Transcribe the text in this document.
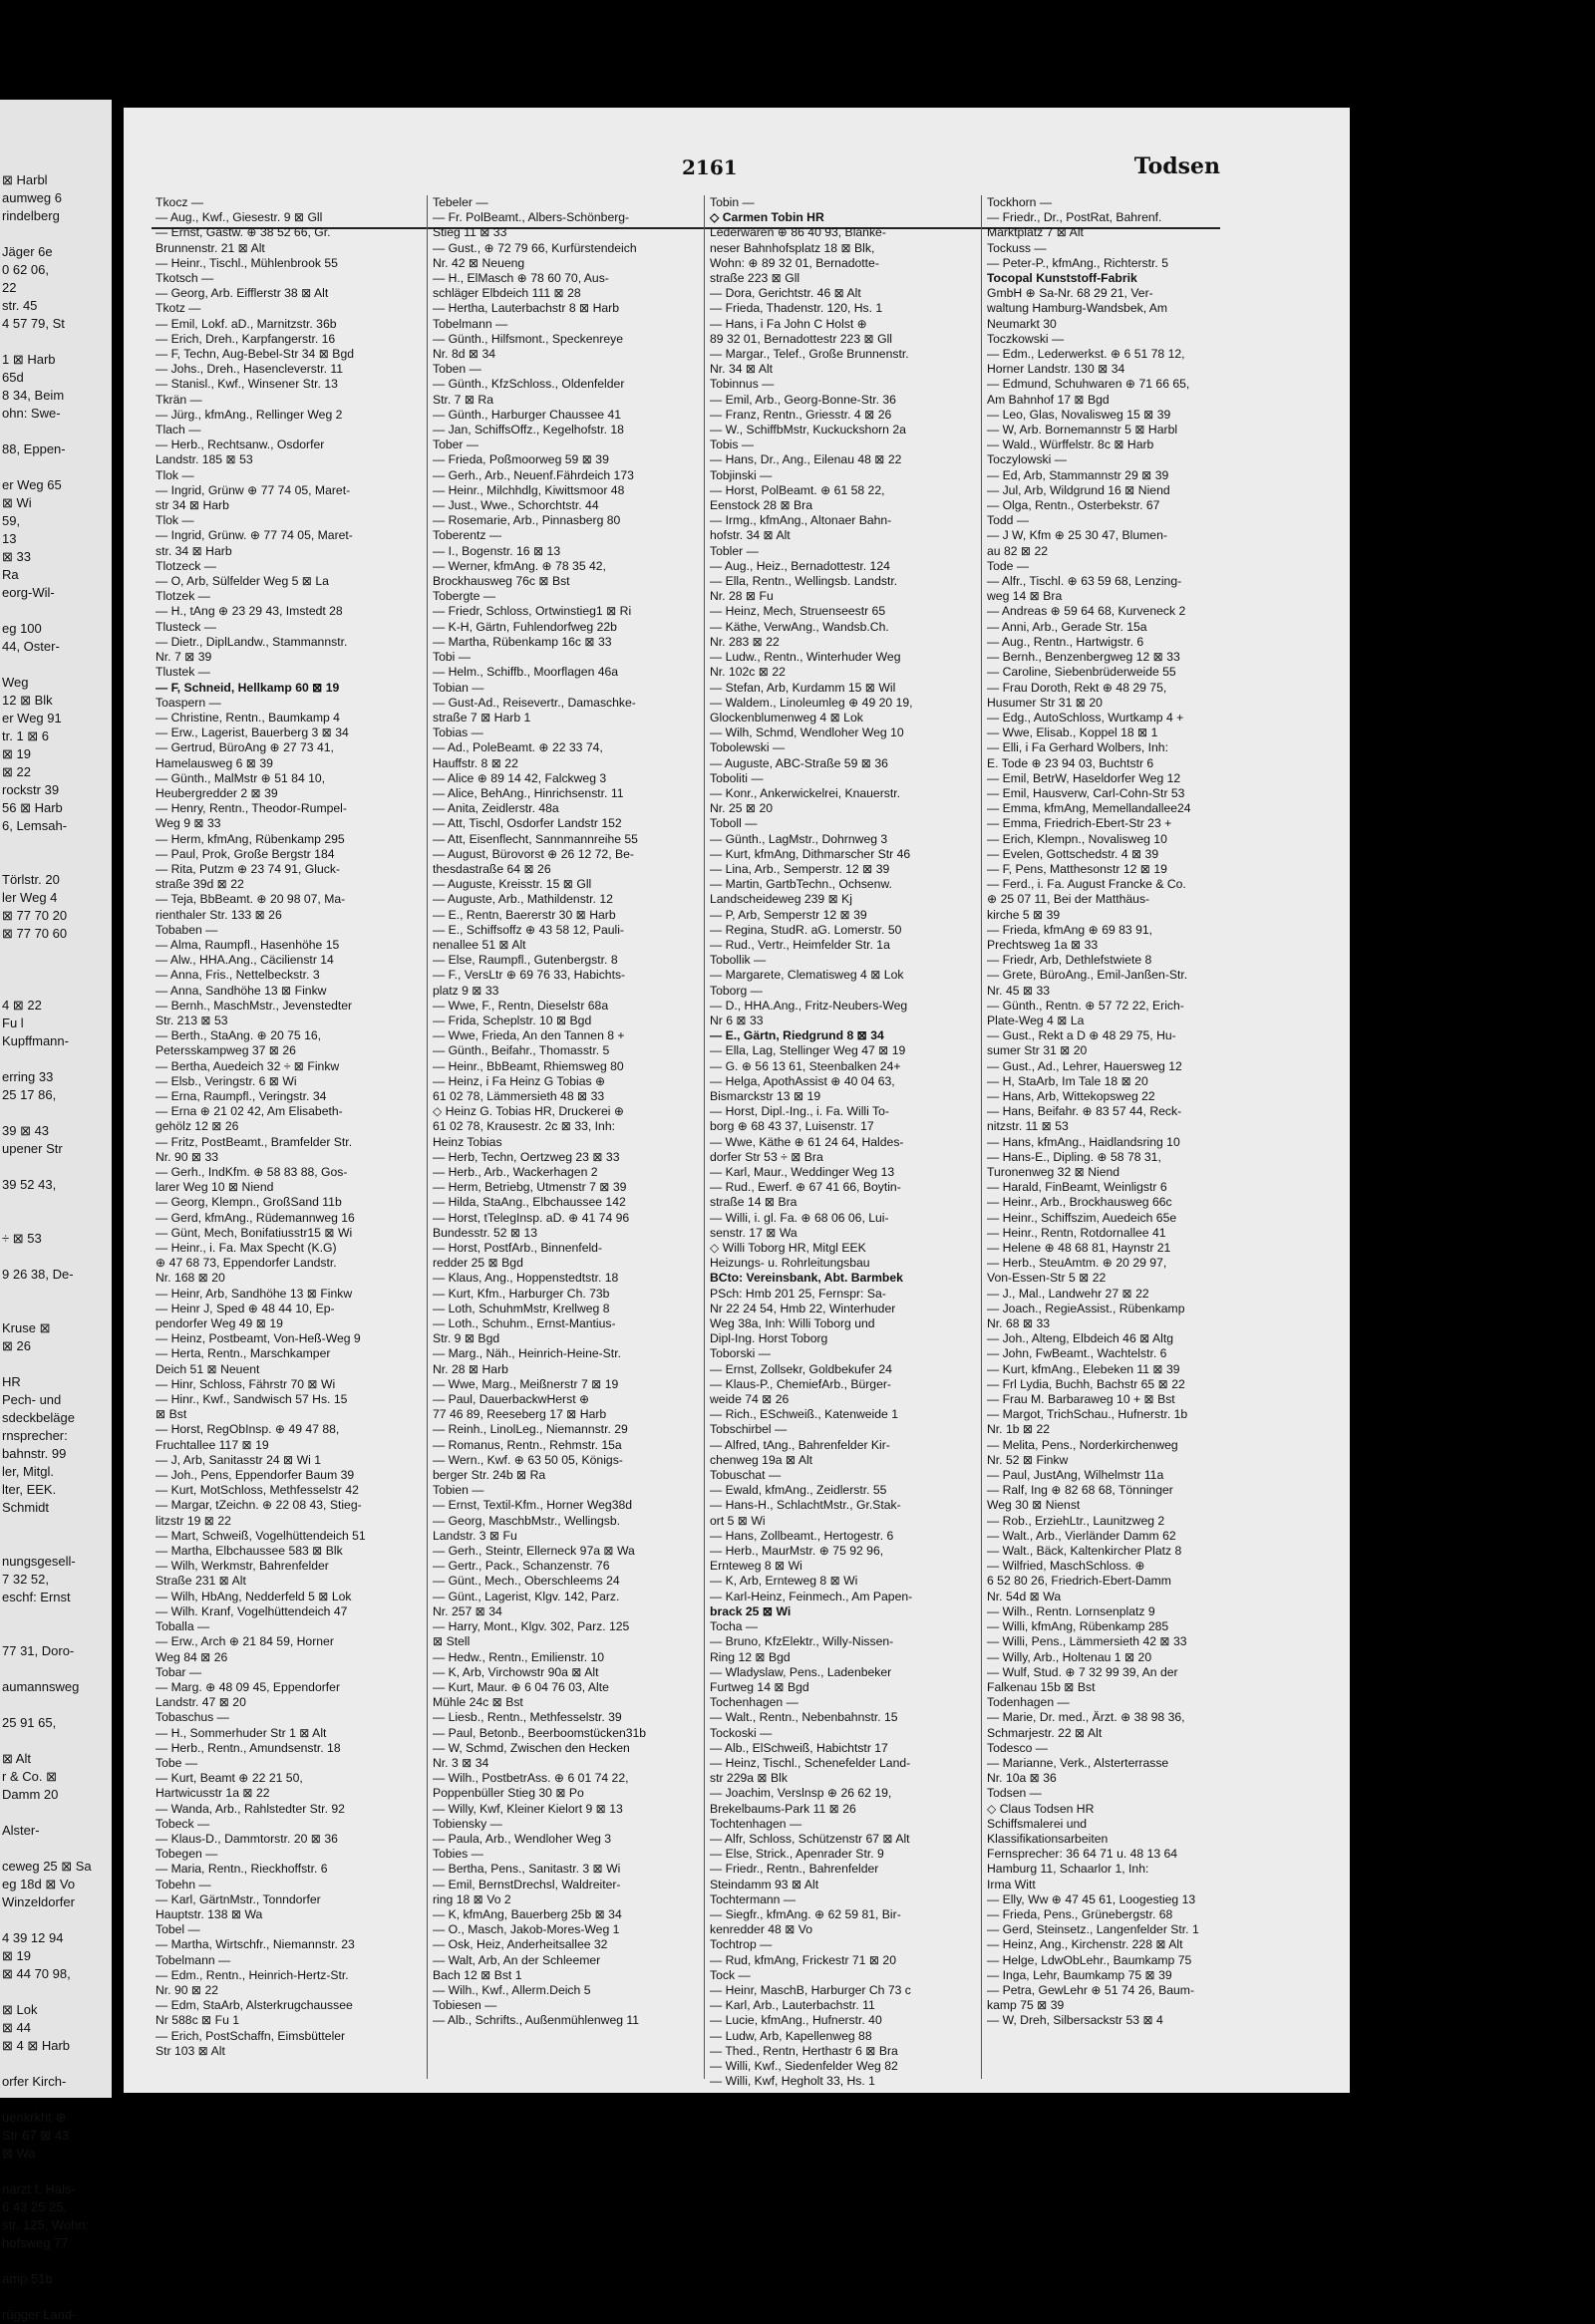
⊠ Harbl
aumweg 6
rindelberg

Jäger 6e
0 62 06,
22
str. 45
4 57 79, St

1 ⊠ Harb
65d
8 34, Beim
ohn: Swe-

88, Eppen-

er Weg 65
⊠ Wi
59,
13
⊠ 33
Ra
eorg-Wil-

eg 100
44, Oster-

Weg
12 ⊠ Blk
er Weg 91
tr. 1 ⊠ 6
⊠ 19
⊠ 22
rockstr 39
56 ⊠ Harb
6, Lemsah-

Törlstr. 20
ler Weg 4
⊠ 77 70 20
⊠ 77 70 60

4 ⊠ 22
Fu l
Kupffmann-

erring 33
25 17 86,

39 ⊠ 43
upener Str

39 52 43,

÷ ⊠ 53

9 26 38, De-

Kruse ⊠
⊠ 26

HR
Pech- und
sdeckbeläge
rnsprecher:
bahnstr. 99
ler, Mitgl.
lter, EEK.
Schmidt

nungsgesell-
7 32 52,
eschf: Ernst

77 31, Doro-

aumannsweg

25 91 65,

⊠ Alt
r & Co. ⊠
Damm 20

Alster-

ceweg 25 ⊠ Sa
eg 18d ⊠ Vo
Winzeldorfer

4 39 12 94
⊠ 19
⊠ 44 70 98,

⊠ Lok
⊠ 44
⊠ 4 ⊠ Harb

orfer Kirch-

uenkrkht ⊕
Str 67 ⊠ 43
⊠ Wa

narzt f. Hals-
6 43 25 25,
str. 125, Wohn:
hofsweg 77

amp 51b

rügger Land-
2161	Todsen
Tkocz —
— Aug., Kwf., Giesestr. 9 ⊠ Gll
— Ernst, Gastw. ⊕ 38 52 66, Gr.
Brunnenstr. 21 ⊠ Alt
— Heinr., Tischl., Mühlenbrook 55
Tkotsch —
— Georg, Arb. Eifflerstr 38 ⊠ Alt
Tkotz —
— Emil, Lokf. aD., Marnitzstr. 36b
— Erich, Dreh., Karpfangerstr. 16
— F, Techn, Aug-Bebel-Str 34 ⊠ Bgd
— Johs., Dreh., Hasencleverstr. 11
— Stanisl., Kwf., Winsener Str. 13
Tkrän —
— Jürg., kfmAng., Rellinger Weg 2
Tlach —
— Herb., Rechtsanw., Osdorfer
Landstr. 185 ⊠ 53
Tlok —
— Ingrid, Grünw ⊕ 77 74 05, Maret-
str 34 ⊠ Harb
Tlok —
— Ingrid, Grünw. ⊕ 77 74 05, Maret-
str. 34 ⊠ Harb
Tlotzeck —
— O, Arb, Sülfelder Weg 5 ⊠ La
Tlotzek —
— H., tAng ⊕ 23 29 43, Imstedt 28
Tlusteck —
— Dietr., DiplLandw., Stammannstr.
Nr. 7 ⊠ 39
Tlustek —
— F, Schneid, Hellkamp 60 ⊠ 19
Toaspern —
— Christine, Rentn., Baumkamp 4
— Erw., Lagerist, Bauerberg 3 ⊠ 34
— Gertrud, BüroAng ⊕ 27 73 41,
Hamelausweg 6 ⊠ 39
— Günth., MalMstr ⊕ 51 84 10,
Heubergredder 2 ⊠ 39
— Henry, Rentn., Theodor-Rumpel-
Weg 9 ⊠ 33
— Herm, kfmAng, Rübenkamp 295
— Paul, Prok, Große Bergstr 184
— Rita, Putzm ⊕ 23 74 91, Gluck-
straße 39d ⊠ 22
— Teja, BbBeamt. ⊕ 20 98 07, Ma-
rienthaler Str. 133 ⊠ 26
Tobaben —
— Alma, Raumpfl., Hasenhöhe 15
— Alw., HHA.Ang., Cäcilienstr 14
— Anna, Fris., Nettelbeckstr. 3
— Anna, Sandhöhe 13 ⊠ Finkw
— Bernh., MaschMstr., Jevenstedter
Str. 213 ⊠ 53
— Berth., StaAng. ⊕ 20 75 16,
Petersskampweg 37 ⊠ 26
— Bertha, Auedeich 32 ÷ ⊠ Finkw
— Elsb., Veringstr. 6 ⊠ Wi
— Erna, Raumpfl., Veringstr. 34
— Erna ⊕ 21 02 42, Am Elisabeth-
gehölz 12 ⊠ 26
— Fritz, PostBeamt., Bramfelder Str.
Nr. 90 ⊠ 33
— Gerh., IndKfm. ⊕ 58 83 88, Gos-
larer Weg 10 ⊠ Niend
— Georg, Klempn., GroßSand 11b
— Gerd, kfmAng., Rüdemannweg 16
— Günt, Mech, Bonifatiusstr15 ⊠ Wi
— Heinr., i. Fa. Max Specht (K.G)
⊕ 47 68 73, Eppendorfer Landstr.
Nr. 168 ⊠ 20
— Heinr, Arb, Sandhöhe 13 ⊠ Finkw
— Heinr J, Sped ⊕ 48 44 10, Ep-
pendorfer Weg 49 ⊠ 19
— Heinz, Postbeamt, Von-Heß-Weg 9
— Herta, Rentn., Marschkamper
Deich 51 ⊠ Neuent
— Hinr, Schloss, Fährstr 70 ⊠ Wi
— Hinr., Kwf., Sandwisch 57 Hs. 15
⊠ Bst
— Horst, RegObInsp. ⊕ 49 47 88,
Fruchtallee 117 ⊠ 19
— J, Arb, Sanitasstr 24 ⊠ Wi 1
— Joh., Pens, Eppendorfer Baum 39
— Kurt, MotSchloss, Methfesselstr 42
— Margar, tZeichn. ⊕ 22 08 43, Stieg-
litzstr 19 ⊠ 22
— Mart, Schweiß, Vogelhüttendeich 51
— Martha, Elbchaussee 583 ⊠ Blk
— Wilh, Werkmstr, Bahrenfelder
Straße 231 ⊠ Alt
— Wilh, HbAng, Nedderfeld 5 ⊠ Lok
— Wilh. Kranf, Vogelhüttendeich 47
Toballa —
— Erw., Arch ⊕ 21 84 59, Horner
Weg 84 ⊠ 26
Tobar —
— Marg. ⊕ 48 09 45, Eppendorfer
Landstr. 47 ⊠ 20
Tobaschus —
— H., Sommerhuder Str 1 ⊠ Alt
— Herb., Rentn., Amundsenstr. 18
Tobe —
— Kurt, Beamt ⊕ 22 21 50,
Hartwicusstr 1a ⊠ 22
— Wanda, Arb., Rahlstedter Str. 92
Tobeck —
— Klaus-D., Dammtorstr. 20 ⊠ 36
Tobegen —
— Maria, Rentn., Rieckhoffstr. 6
Tobehn —
— Karl, GärtnMstr., Tonndorfer
Hauptstr. 138 ⊠ Wa
Tobel —
— Martha, Wirtschfr., Niemannstr. 23
Tobelmann —
— Edm., Rentn., Heinrich-Hertz-Str.
Nr. 90 ⊠ 22
— Edm, StaArb, Alsterkrugchaussee
Nr 588c ⊠ Fu 1
— Erich, PostSchaffn, Eimsbütteler
Str 103 ⊠ Alt
Tebeler —
— Fr. PolBeamt., Albers-Schönberg-
Stieg 11 ⊠ 33
— Gust., ⊕ 72 79 66, Kurfürstendeich
Nr. 42 ⊠ Neueng
— H., ElMasch ⊕ 78 60 70, Aus-
schläger Elbdeich 111 ⊠ 28
— Hertha, Lauterbachstr 8 ⊠ Harb
Tobelmann —
— Günth., Hilfsmont., Speckenreye
Nr. 8d ⊠ 34
Toben —
— Günth., KfzSchloss., Oldenfelder
Str. 7 ⊠ Ra
— Günth., Harburger Chaussee 41
— Jan, SchiffsOffz., Kegelhofstr. 18
Tober —
— Frieda, Poßmoorweg 59 ⊠ 39
— Gerh., Arb., Neuenf.Fährdeich 173
— Heinr., Milchhdlg, Kiwittsmoor 48
— Just., Wwe., Schorchtstr. 44
— Rosemarie, Arb., Pinnasberg 80
Toberentz —
— I., Bogenstr. 16 ⊠ 13
— Werner, kfmAng. ⊕ 78 35 42,
Brockhausweg 76c ⊠ Bst
Tobergte —
— Friedr, Schloss, Ortwinstieg1 ⊠ Ri
— K-H, Gärtn, Fuhlendorfweg 22b
— Martha, Rübenkamp 16c ⊠ 33
Tobi —
— Helm., Schiffb., Moorflagen 46a
Tobian —
— Gust-Ad., Reisevertr., Damaschke-
straße 7 ⊠ Harb 1
Tobias —
— Ad., PoleBeamt. ⊕ 22 33 74,
Hauffstr. 8 ⊠ 22
— Alice ⊕ 89 14 42, Falckweg 3
— Alice, BehAng., Hinrichsenstr. 11
— Anita, Zeidlerstr. 48a
— Att, Tischl, Osdorfer Landstr 152
— Att, Eisenflecht, Sannmannreihe 55
— August, Bürovorst ⊕ 26 12 72, Be-
thesdastraße 64 ⊠ 26
— Auguste, Kreisstr. 15 ⊠ Gll
— Auguste, Arb., Mathildenstr. 12
— E., Rentn, Baererstr 30 ⊠ Harb
— E., Schiffsoffz ⊕ 43 58 12, Pauli-
nenallee 51 ⊠ Alt
— Else, Raumpfl., Gutenbergstr. 8
— F., VersLtr ⊕ 69 76 33, Habichts-
platz 9 ⊠ 33
— Wwe, F., Rentn, Dieselstr 68a
— Frida, Scheplstr. 10 ⊠ Bgd
— Wwe, Frieda, An den Tannen 8 +
— Günth., Beifahr., Thomasstr. 5
— Heinr., BbBeamt, Rhiemsweg 80
— Heinz, i Fa Heinz G Tobias ⊕
61 02 78, Lämmersieth 48 ⊠ 33
◇ Heinz G. Tobias HR, Druckerei ⊕
61 02 78, Krausestr. 2c ⊠ 33, Inh:
Heinz Tobias
— Herb, Techn, Oertzweg 23 ⊠ 33
— Herb., Arb., Wackerhagen 2
— Herm, Betriebg, Utmenstr 7 ⊠ 39
— Hilda, StaAng., Elbchaussee 142
— Horst, tTelegInsp. aD. ⊕ 41 74 96
Bundesstr. 52 ⊠ 13
— Horst, PostfArb., Binnenfeld-
redder 25 ⊠ Bgd
— Klaus, Ang., Hoppenstedtstr. 18
— Kurt, Kfm., Harburger Ch. 73b
— Loth, SchuhmMstr, Krellweg 8
— Loth., Schuhm., Ernst-Mantius-
Str. 9 ⊠ Bgd
— Marg., Näh., Heinrich-Heine-Str.
Nr. 28 ⊠ Harb
— Wwe, Marg., Meißnerstr 7 ⊠ 19
— Paul, DauerbackwHerst ⊕
77 46 89, Reeseberg 17 ⊠ Harb
— Reinh., LinolLeg., Niemannstr. 29
— Romanus, Rentn., Rehmstr. 15a
— Wern., Kwf. ⊕ 63 50 05, Königs-
berger Str. 24b ⊠ Ra
Tobien —
— Ernst, Textil-Kfm., Horner Weg38d
— Georg, MaschbMstr., Wellingsb.
Landstr. 3 ⊠ Fu
— Gerh., Steintr, Ellerneck 97a ⊠ Wa
— Gertr., Pack., Schanzenstr. 76
— Günt., Mech., Oberschleems 24
— Günt., Lagerist, Klgv. 142, Parz.
Nr. 257 ⊠ 34
— Harry, Mont., Klgv. 302, Parz. 125
⊠ Stell
— Hedw., Rentn., Emilienstr. 10
— K, Arb, Virchowstr 90a ⊠ Alt
— Kurt, Maur. ⊕ 6 04 76 03, Alte
Mühle 24c ⊠ Bst
— Liesb., Rentn., Methfesselstr. 39
— Paul, Betonb., Beerboomstücken31b
— W, Schmd, Zwischen den Hecken
Nr. 3 ⊠ 34
— Wilh., PostbetrAss. ⊕ 6 01 74 22,
Poppenbüller Stieg 30 ⊠ Po
— Willy, Kwf, Kleiner Kielort 9 ⊠ 13
Tobiensky —
— Paula, Arb., Wendloher Weg 3
Tobies —
— Bertha, Pens., Sanitastr. 3 ⊠ Wi
— Emil, BernstDrechsl, Waldreiter-
ring 18 ⊠ Vo 2
— K, kfmAng, Bauerberg 25b ⊠ 34
— O., Masch, Jakob-Mores-Weg 1
— Osk, Heiz, Anderheitsallee 32
— Walt, Arb, An der Schleemer
Bach 12 ⊠ Bst 1
— Wilh., Kwf., Allerm.Deich 5
Tobiesen —
— Alb., Schrifts., Außenmühlenweg 11
Tobin —
◇ Carmen Tobin HR
Lederwaren ⊕ 86 40 93, Blanke-
neser Bahnhofsplatz 18 ⊠ Blk,
Wohn: ⊕ 89 32 01, Bernadotte-
straße 223 ⊠ Gll
— Dora, Gerichtstr. 46 ⊠ Alt
— Frieda, Thadenstr. 120, Hs. 1
— Hans, i Fa John C Holst ⊕
89 32 01, Bernadottestr 223 ⊠ Gll
— Margar., Telef., Große Brunnenstr.
Nr. 34 ⊠ Alt
Tobinnus —
— Emil, Arb., Georg-Bonne-Str. 36
— Franz, Rentn., Griesstr. 4 ⊠ 26
— W., SchiffbMstr, Kuckuckshorn 2a
Tobis —
— Hans, Dr., Ang., Eilenau 48 ⊠ 22
Tobjinski —
— Horst, PolBeamt. ⊕ 61 58 22,
Eenstock 28 ⊠ Bra
— Irmg., kfmAng., Altonaer Bahn-
hofstr. 34 ⊠ Alt
Tobler —
— Aug., Heiz., Bernadottestr. 124
— Ella, Rentn., Wellingsb. Landstr.
Nr. 28 ⊠ Fu
— Heinz, Mech, Struenseestr 65
— Käthe, VerwAng., Wandsb.Ch.
Nr. 283 ⊠ 22
— Ludw., Rentn., Winterhuder Weg
Nr. 102c ⊠ 22
— Stefan, Arb, Kurdamm 15 ⊠ Wil
— Waldem., Linoleumleg ⊕ 49 20 19,
Glockenblumenweg 4 ⊠ Lok
— Wilh, Schmd, Wendloher Weg 10
Tobolewski —
— Auguste, ABC-Straße 59 ⊠ 36
Toboliti —
— Konr., Ankerwickelrei, Knauerstr.
Nr. 25 ⊠ 20
Toboll —
— Günth., LagMstr., Dohrnweg 3
— Kurt, kfmAng, Dithmarscher Str 46
— Lina, Arb., Semperstr. 12 ⊠ 39
— Martin, GartbTechn., Ochsenw.
Landscheideweg 239 ⊠ Kj
— P, Arb, Semperstr 12 ⊠ 39
— Regina, StudR. aG. Lomerstr. 50
— Rud., Vertr., Heimfelder Str. 1a
Tobollik —
— Margarete, Clematisweg 4 ⊠ Lok
Toborg —
— D., HHA.Ang., Fritz-Neubers-Weg
Nr 6 ⊠ 33
— E., Gärtn, Riedgrund 8 ⊠ 34
— Ella, Lag, Stellinger Weg 47 ⊠ 19
— G. ⊕ 56 13 61, Steenbalken 24+
— Helga, ApothAssist ⊕ 40 04 63,
Bismarckstr 13 ⊠ 19
— Horst, Dipl.-Ing., i. Fa. Willi To-
borg ⊕ 68 43 37, Luisenstr. 17
— Wwe, Käthe ⊕ 61 24 64, Haldes-
dorfer Str 53 ÷ ⊠ Bra
— Karl, Maur., Weddinger Weg 13
— Rud., Ewerf. ⊕ 67 41 66, Boytin-
straße 14 ⊠ Bra
— Willi, i. gl. Fa. ⊕ 68 06 06, Lui-
senstr. 17 ⊠ Wa
◇ Willi Toborg HR, Mitgl EEK
Heizungs- u. Rohrleitungsbau
BCto: Vereinsbank, Abt. Barmbek
PSch: Hmb 201 25, Fernspr: Sa-
Nr 22 24 54, Hmb 22, Winterhuder
Weg 38a, Inh: Willi Toborg und
Dipl-Ing. Horst Toborg
Toborski —
— Ernst, Zollsekr, Goldbekufer 24
— Klaus-P., ChemiefArb., Bürger-
weide 74 ⊠ 26
— Rich., ESchweiß., Katenweide 1
Tobschirbel —
— Alfred, tAng., Bahrenfelder Kir-
chenweg 19a ⊠ Alt
Tobuschat —
— Ewald, kfmAng., Zeidlerstr. 55
— Hans-H., SchlachtMstr., Gr.Stak-
ort 5 ⊠ Wi
— Hans, Zollbeamt., Hertogestr. 6
— Herb., MaurMstr. ⊕ 75 92 96,
Ernteweg 8 ⊠ Wi
— K, Arb, Ernteweg 8 ⊠ Wi
— Karl-Heinz, Feinmech., Am Papen-
brack 25 ⊠ Wi
Tocha —
— Bruno, KfzElektr., Willy-Nissen-
Ring 12 ⊠ Bgd
— Wladyslaw, Pens., Ladenbeker
Furtweg 14 ⊠ Bgd
Tochenhagen —
— Walt., Rentn., Nebenbahnstr. 15
Tockoski —
— Alb., ElSchweiß, Habichtstr 17
— Heinz, Tischl., Schenefelder Land-
str 229a ⊠ Blk
— Joachim, Verslnsp ⊕ 26 62 19,
Brekelbaums-Park 11 ⊠ 26
Tochtenhagen —
— Alfr, Schloss, Schützenstr 67 ⊠ Alt
— Else, Strick., Apenrader Str. 9
— Friedr., Rentn., Bahrenfelder
Steindamm 93 ⊠ Alt
Tochtermann —
— Siegfr., kfmAng. ⊕ 62 59 81, Bir-
kenredder 48 ⊠ Vo
Tochtrop —
— Rud, kfmAng, Frickestr 71 ⊠ 20
Tock —
— Heinr, MaschB, Harburger Ch 73 c
— Karl, Arb., Lauterbachstr. 11
— Lucie, kfmAng., Hufnerstr. 40
— Ludw, Arb, Kapellenweg 88
— Thed., Rentn, Herthastr 6 ⊠ Bra
— Willi, Kwf., Siedenfelder Weg 82
— Willi, Kwf, Hegholt 33, Hs. 1
Tockhorn —
— Friedr., Dr., PostRat, Bahrenf.
Marktplatz 7 ⊠ Alt
Tockuss —
— Peter-P., kfmAng., Richterstr. 5
Tocopal Kunststoff-Fabrik
GmbH ⊕ Sa-Nr. 68 29 21, Ver-
waltung Hamburg-Wandsbek, Am
Neumarkt 30
Toczkowski —
— Edm., Lederwerkst. ⊕ 6 51 78 12,
Horner Landstr. 130 ⊠ 34
— Edmund, Schuhwaren ⊕ 71 66 65,
Am Bahnhof 17 ⊠ Bgd
— Leo, Glas, Novalisweg 15 ⊠ 39
— W, Arb. Bornemannstr 5 ⊠ Harbl
— Wald., Würffelstr. 8c ⊠ Harb
Toczylowski —
— Ed, Arb, Stammannstr 29 ⊠ 39
— Jul, Arb, Wildgrund 16 ⊠ Niend
— Olga, Rentn., Osterbekstr. 67
Todd —
— J W, Kfm ⊕ 25 30 47, Blumen-
au 82 ⊠ 22
Tode —
— Alfr., Tischl. ⊕ 63 59 68, Lenzing-
weg 14 ⊠ Bra
— Andreas ⊕ 59 64 68, Kurveneck 2
— Anni, Arb., Gerade Str. 15a
— Aug., Rentn., Hartwigstr. 6
— Bernh., Benzenbergweg 12 ⊠ 33
— Caroline, Siebenbrüderweide 55
— Frau Doroth, Rekt ⊕ 48 29 75,
Husumer Str 31 ⊠ 20
— Edg., AutoSchloss, Wurtkamp 4 +
— Wwe, Elisab., Koppel 18 ⊠ 1
— Elli, i Fa Gerhard Wolbers, Inh:
E. Tode ⊕ 23 94 03, Buchtstr 6
— Emil, BetrW, Haseldorfer Weg 12
— Emil, Hausverw, Carl-Cohn-Str 53
— Emma, kfmAng, Memellandallee24
— Emma, Friedrich-Ebert-Str 23 +
— Erich, Klempn., Novalisweg 10
— Evelen, Gottschedstr. 4 ⊠ 39
— F, Pens, Matthesonstr 12 ⊠ 19
— Ferd., i. Fa. August Francke & Co.
⊕ 25 07 11, Bei der Matthäus-
kirche 5 ⊠ 39
— Frieda, kfmAng ⊕ 69 83 91,
Prechtsweg 1a ⊠ 33
— Friedr, Arb, Dethlefstwiete 8
— Grete, BüroAng., Emil-Janßen-Str.
Nr. 45 ⊠ 33
— Günth., Rentn. ⊕ 57 72 22, Erich-
Plate-Weg 4 ⊠ La
— Gust., Rekt a D ⊕ 48 29 75, Hu-
sumer Str 31 ⊠ 20
— Gust., Ad., Lehrer, Hauersweg 12
— H, StaArb, Im Tale 18 ⊠ 20
— Hans, Arb, Wittekopsweg 22
— Hans, Beifahr. ⊕ 83 57 44, Reck-
nitzstr. 11 ⊠ 53
— Hans, kfmAng., Haidlandsring 10
— Hans-E., Dipling. ⊕ 58 78 31,
Turonenweg 32 ⊠ Niend
— Harald, FinBeamt, Weinligstr 6
— Heinr., Arb., Brockhausweg 66c
— Heinr., Schiffszim, Auedeich 65e
— Heinr., Rentn, Rotdornallee 41
— Helene ⊕ 48 68 81, Haynstr 21
— Herb., SteuAmtm. ⊕ 20 29 97,
Von-Essen-Str 5 ⊠ 22
— J., Mal., Landwehr 27 ⊠ 22
— Joach., RegieAssist., Rübenkamp
Nr. 68 ⊠ 33
— Joh., Alteng, Elbdeich 46 ⊠ Altg
— John, FwBeamt., Wachtelstr. 6
— Kurt, kfmAng., Elebeken 11 ⊠ 39
— Frl Lydia, Buchh, Bachstr 65 ⊠ 22
— Frau M. Barbaraweg 10 + ⊠ Bst
— Margot, TrichSchau., Hufnerstr. 1b
Nr. 1b ⊠ 22
— Melita, Pens., Norderkirchenweg
Nr. 52 ⊠ Finkw
— Paul, JustAng, Wilhelmstr 11a
— Ralf, Ing ⊕ 82 68 68, Tönninger
Weg 30 ⊠ Nienst
— Rob., ErziehLtr., Launitzweg 2
— Walt., Arb., Vierländer Damm 62
— Walt., Bäck, Kaltenkircher Platz 8
— Wilfried, MaschSchloss. ⊕
6 52 80 26, Friedrich-Ebert-Damm
Nr. 54d ⊠ Wa
— Wilh., Rentn. Lornsenplatz 9
— Willi, kfmAng, Rübenkamp 285
— Willi, Pens., Lämmersieth 42 ⊠ 33
— Willy, Arb., Holtenau 1 ⊠ 20
— Wulf, Stud. ⊕ 7 32 99 39, An der
Falkenau 15b ⊠ Bst
Todenhagen —
— Marie, Dr. med., Ärzt. ⊕ 38 98 36,
Schmarjestr. 22 ⊠ Alt
Todesco —
— Marianne, Verk., Alsterterrasse
Nr. 10a ⊠ 36
Todsen —
◇ Claus Todsen HR
Schiffsmalerei und
Klassifikationsarbeiten
Fernsprecher: 36 64 71 u. 48 13 64
Hamburg 11, Schaarlor 1, Inh:
Irma Witt
— Elly, Ww ⊕ 47 45 61, Loogestieg 13
— Frieda, Pens., Grünebergstr. 68
— Gerd, Steinsetz., Langenfelder Str. 1
— Heinz, Ang., Kirchenstr. 228 ⊠ Alt
— Helge, LdwObLehr., Baumkamp 75
— Inga, Lehr, Baumkamp 75 ⊠ 39
— Petra, GewLehr ⊕ 51 74 26, Baum-
kamp 75 ⊠ 39
— W, Dreh, Silbersackstr 53 ⊠ 4
